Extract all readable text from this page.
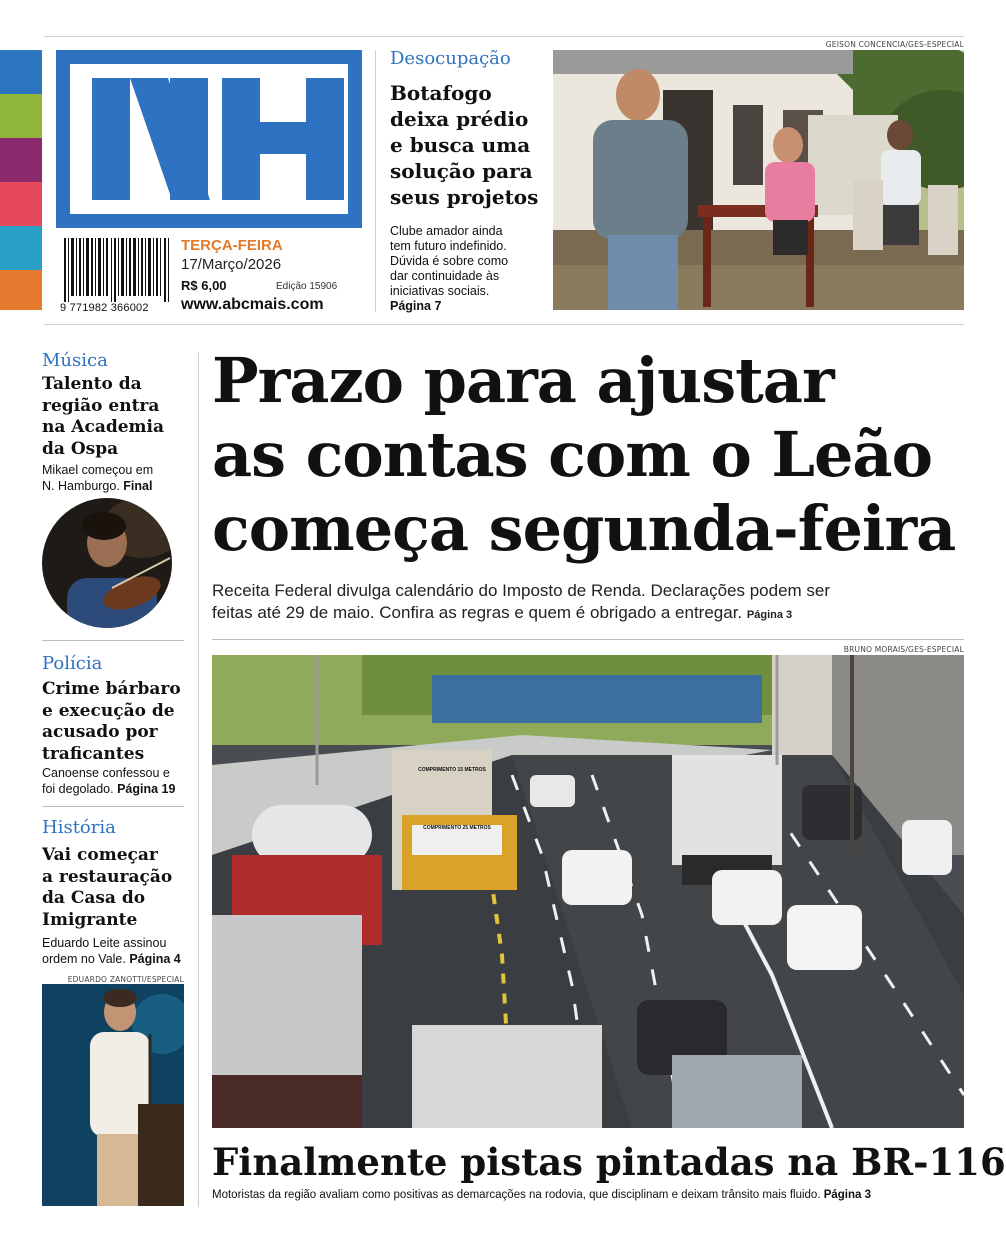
9 771982 366002
TERÇA-FEIRA
17/Março/2026
R$ 6,00	Edição 15906
www.abcmais.com
Desocupação
Botafogo
deixa prédio
e busca uma
solução para
seus projetos
Clube amador ainda
tem futuro indefinido.
Dúvida é sobre como
dar continuidade às
iniciativas sociais.
Página 7
GEISON CONCENCIA/GES-ESPECIAL
Música
Talento da
região entra
na Academia
da Ospa
Mikael começou em
N. Hamburgo. Final
Polícia
Crime bárbaro
e execução de
acusado por
traficantes
Canoense confessou e
foi degolado. Página 19
História
Vai começar
a restauração
da Casa do
Imigrante
Eduardo Leite assinou
ordem no Vale. Página 4
EDUARDO ZANOTTI/ESPECIAL
Prazo para ajustar
as contas com o Leão
começa segunda-feira
Receita Federal divulga calendário do Imposto de Renda. Declarações podem ser
feitas até 29 de maio. Confira as regras e quem é obrigado a entregar. Página 3
BRUNO MORAIS/GES-ESPECIAL
COMPRIMENTO 15 METROS
COMPRIMENTO 25 METROS
Finalmente pistas pintadas na BR-116
Motoristas da região avaliam como positivas as demarcações na rodovia, que disciplinam e deixam trânsito mais fluido. Página 3
